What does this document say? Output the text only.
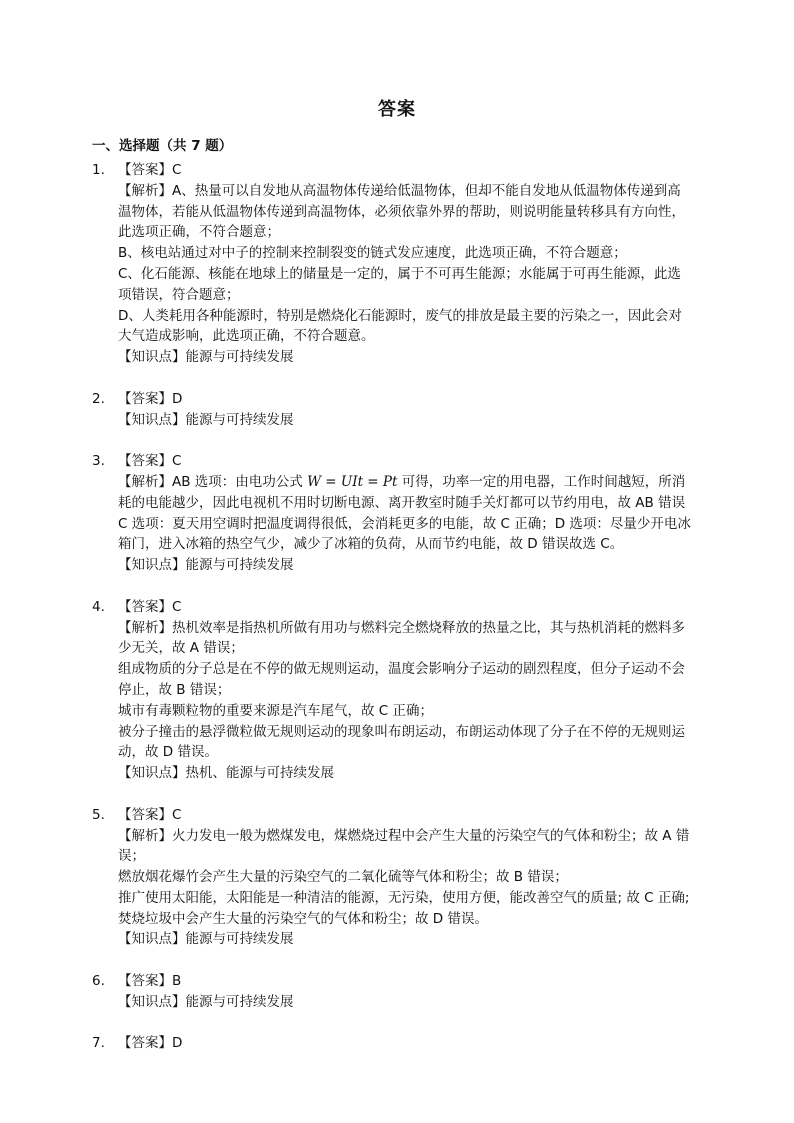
答案
一、选择题（共 7 题）
1. 【答案】C
【解析】A、热量可以自发地从高温物体传递给低温物体，但却不能自发地从低温物体传递到高
温物体，若能从低温物体传递到高温物体，必须依靠外界的帮助，则说明能量转移具有方向性，
此选项正确，不符合题意；
B、核电站通过对中子的控制来控制裂变的链式发应速度，此选项正确，不符合题意；
C、化石能源、核能在地球上的储量是一定的，属于不可再生能源；水能属于可再生能源，此选
项错误，符合题意；
D、人类耗用各种能源时，特别是燃烧化石能源时，废气的排放是最主要的污染之一，因此会对
大气造成影响，此选项正确，不符合题意。
【知识点】能源与可持续发展
2. 【答案】D
【知识点】能源与可持续发展
3. 【答案】C
【解析】AB 选项：由电功公式 W = UIt = Pt 可得，功率一定的用电器，工作时间越短，所消
耗的电能越少，因此电视机不用时切断电源、离开教室时随手关灯都可以节约用电，故 AB 错误
C 选项：夏天用空调时把温度调得很低，会消耗更多的电能，故 C 正确；D 选项：尽量少开电冰
箱门，进入冰箱的热空气少，减少了冰箱的负荷，从而节约电能，故 D 错误故选 C。
【知识点】能源与可持续发展
4. 【答案】C
【解析】热机效率是指热机所做有用功与燃料完全燃烧释放的热量之比，其与热机消耗的燃料多
少无关，故 A 错误；
组成物质的分子总是在不停的做无规则运动，温度会影响分子运动的剧烈程度，但分子运动不会
停止，故 B 错误；
城市有毒颗粒物的重要来源是汽车尾气，故 C 正确；
被分子撞击的悬浮微粒做无规则运动的现象叫布朗运动，布朗运动体现了分子在不停的无规则运
动，故 D 错误。
【知识点】热机、能源与可持续发展
5. 【答案】C
【解析】火力发电一般为燃煤发电，煤燃烧过程中会产生大量的污染空气的气体和粉尘；故 A 错
误；
燃放烟花爆竹会产生大量的污染空气的二氧化硫等气体和粉尘；故 B 错误；
推广使用太阳能，太阳能是一种清洁的能源，无污染，使用方便，能改善空气的质量; 故 C 正确;
焚烧垃圾中会产生大量的污染空气的气体和粉尘；故 D 错误。
【知识点】能源与可持续发展
6. 【答案】B
【知识点】能源与可持续发展
7. 【答案】D
